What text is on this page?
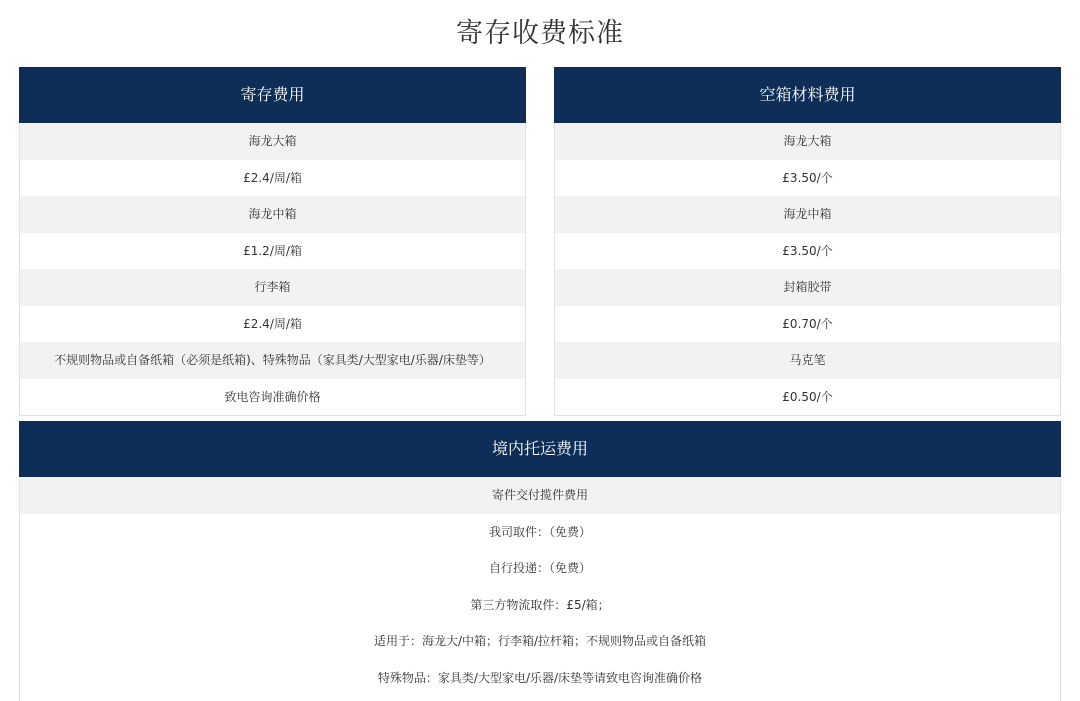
寄存收费标准
寄存费用
海龙大箱
£2.4/周/箱
海龙中箱
£1.2/周/箱
行李箱
£2.4/周/箱
不规则物品或自备纸箱（必须是纸箱)、特殊物品（家具类/大型家电/乐器/床垫等）
致电咨询准确价格
空箱材料费用
海龙大箱
£3.50/个
海龙中箱
£3.50/个
封箱胶带
£0.70/个
马克笔
£0.50/个
境内托运费用
寄件交付揽件费用
我司取件：（免费）
自行投递：（免费）
第三方物流取件：£5/箱；
适用于：海龙大/中箱；行李箱/拉杆箱；不规则物品或自备纸箱
特殊物品：家具类/大型家电/乐器/床垫等请致电咨询准确价格
